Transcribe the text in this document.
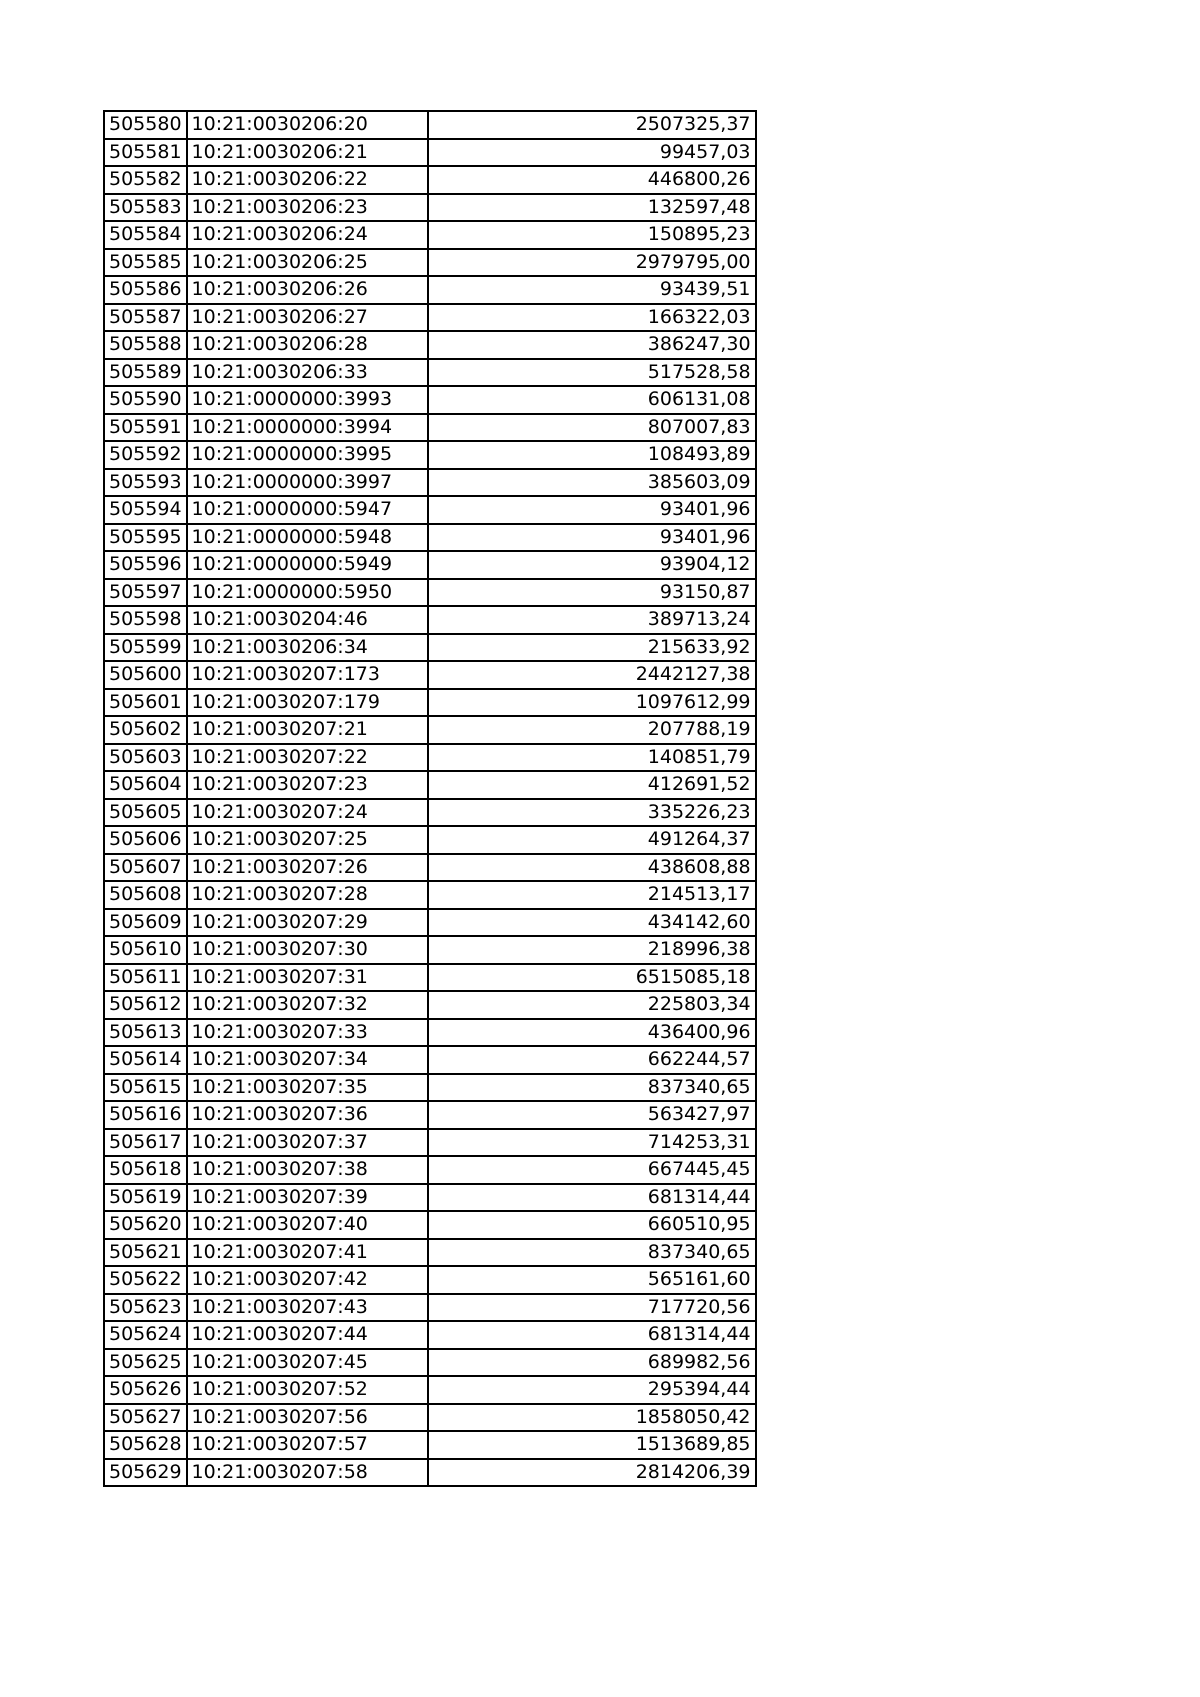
505580	10:21:0030206:20	2507325,37
505581	10:21:0030206:21	99457,03
505582	10:21:0030206:22	446800,26
505583	10:21:0030206:23	132597,48
505584	10:21:0030206:24	150895,23
505585	10:21:0030206:25	2979795,00
505586	10:21:0030206:26	93439,51
505587	10:21:0030206:27	166322,03
505588	10:21:0030206:28	386247,30
505589	10:21:0030206:33	517528,58
505590	10:21:0000000:3993	606131,08
505591	10:21:0000000:3994	807007,83
505592	10:21:0000000:3995	108493,89
505593	10:21:0000000:3997	385603,09
505594	10:21:0000000:5947	93401,96
505595	10:21:0000000:5948	93401,96
505596	10:21:0000000:5949	93904,12
505597	10:21:0000000:5950	93150,87
505598	10:21:0030204:46	389713,24
505599	10:21:0030206:34	215633,92
505600	10:21:0030207:173	2442127,38
505601	10:21:0030207:179	1097612,99
505602	10:21:0030207:21	207788,19
505603	10:21:0030207:22	140851,79
505604	10:21:0030207:23	412691,52
505605	10:21:0030207:24	335226,23
505606	10:21:0030207:25	491264,37
505607	10:21:0030207:26	438608,88
505608	10:21:0030207:28	214513,17
505609	10:21:0030207:29	434142,60
505610	10:21:0030207:30	218996,38
505611	10:21:0030207:31	6515085,18
505612	10:21:0030207:32	225803,34
505613	10:21:0030207:33	436400,96
505614	10:21:0030207:34	662244,57
505615	10:21:0030207:35	837340,65
505616	10:21:0030207:36	563427,97
505617	10:21:0030207:37	714253,31
505618	10:21:0030207:38	667445,45
505619	10:21:0030207:39	681314,44
505620	10:21:0030207:40	660510,95
505621	10:21:0030207:41	837340,65
505622	10:21:0030207:42	565161,60
505623	10:21:0030207:43	717720,56
505624	10:21:0030207:44	681314,44
505625	10:21:0030207:45	689982,56
505626	10:21:0030207:52	295394,44
505627	10:21:0030207:56	1858050,42
505628	10:21:0030207:57	1513689,85
505629	10:21:0030207:58	2814206,39
